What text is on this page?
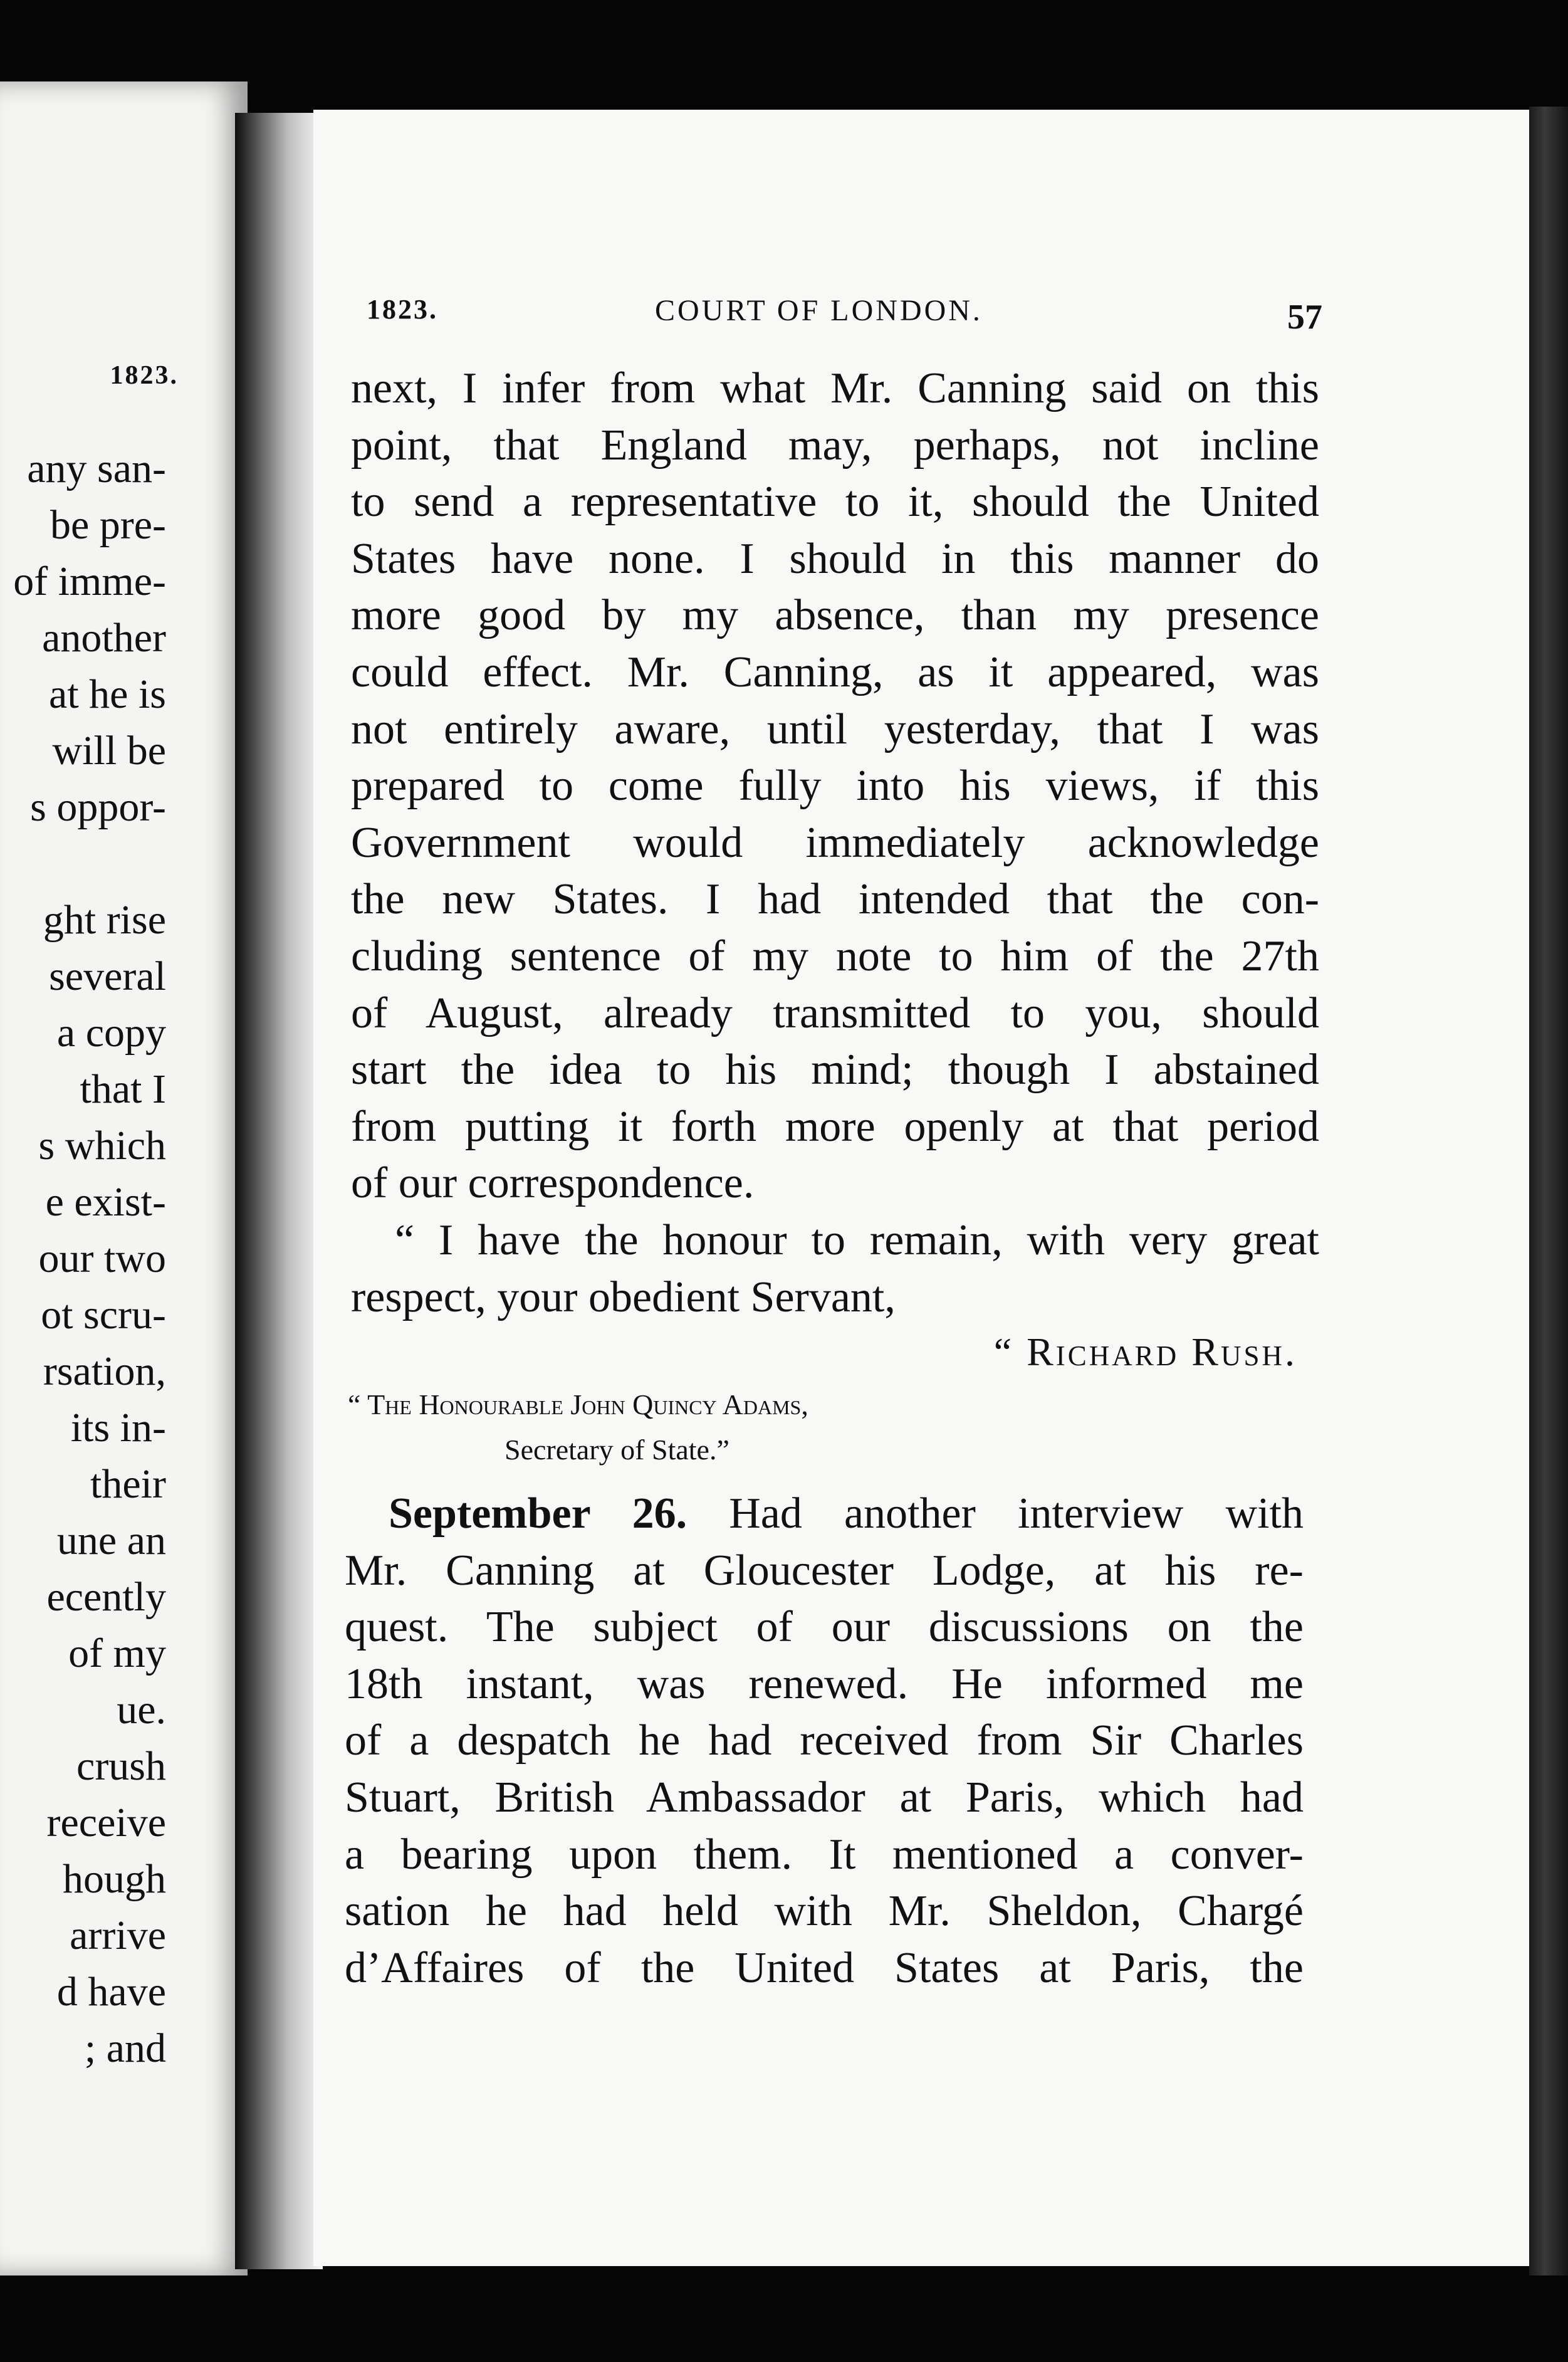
1823.
any san-
be pre-
of imme-
another
at he is
will be
s oppor-
ght rise
several
a copy
that I
s which
e exist-
our two
ot scru-
rsation,
its in-
their
une an
ecently
of my
ue.
crush
receive
hough
arrive
d have
; and
1823.	COURT OF LONDON.	57
next, I infer from what Mr. Canning said on this
point, that England may, perhaps, not incline
to send a representative to it, should the United
States have none. I should in this manner do
more good by my absence, than my presence
could effect. Mr. Canning, as it appeared, was
not entirely aware, until yesterday, that I was
prepared to come fully into his views, if this
Government would immediately acknowledge
the new States. I had intended that the con-
cluding sentence of my note to him of the 27th
of August, already transmitted to you, should
start the idea to his mind; though I abstained
from putting it forth more openly at that period
of our correspondence.
“ I have the honour to remain, with very great
respect, your obedient Servant,
“ Richard Rush.
“ The Honourable John Quincy Adams,
Secretary of State.”
September 26. Had another interview with
Mr. Canning at Gloucester Lodge, at his re-
quest. The subject of our discussions on the
18th instant, was renewed. He informed me
of a despatch he had received from Sir Charles
Stuart, British Ambassador at Paris, which had
a bearing upon them. It mentioned a conver-
sation he had held with Mr. Sheldon, Chargé
d’Affaires of the United States at Paris, the
